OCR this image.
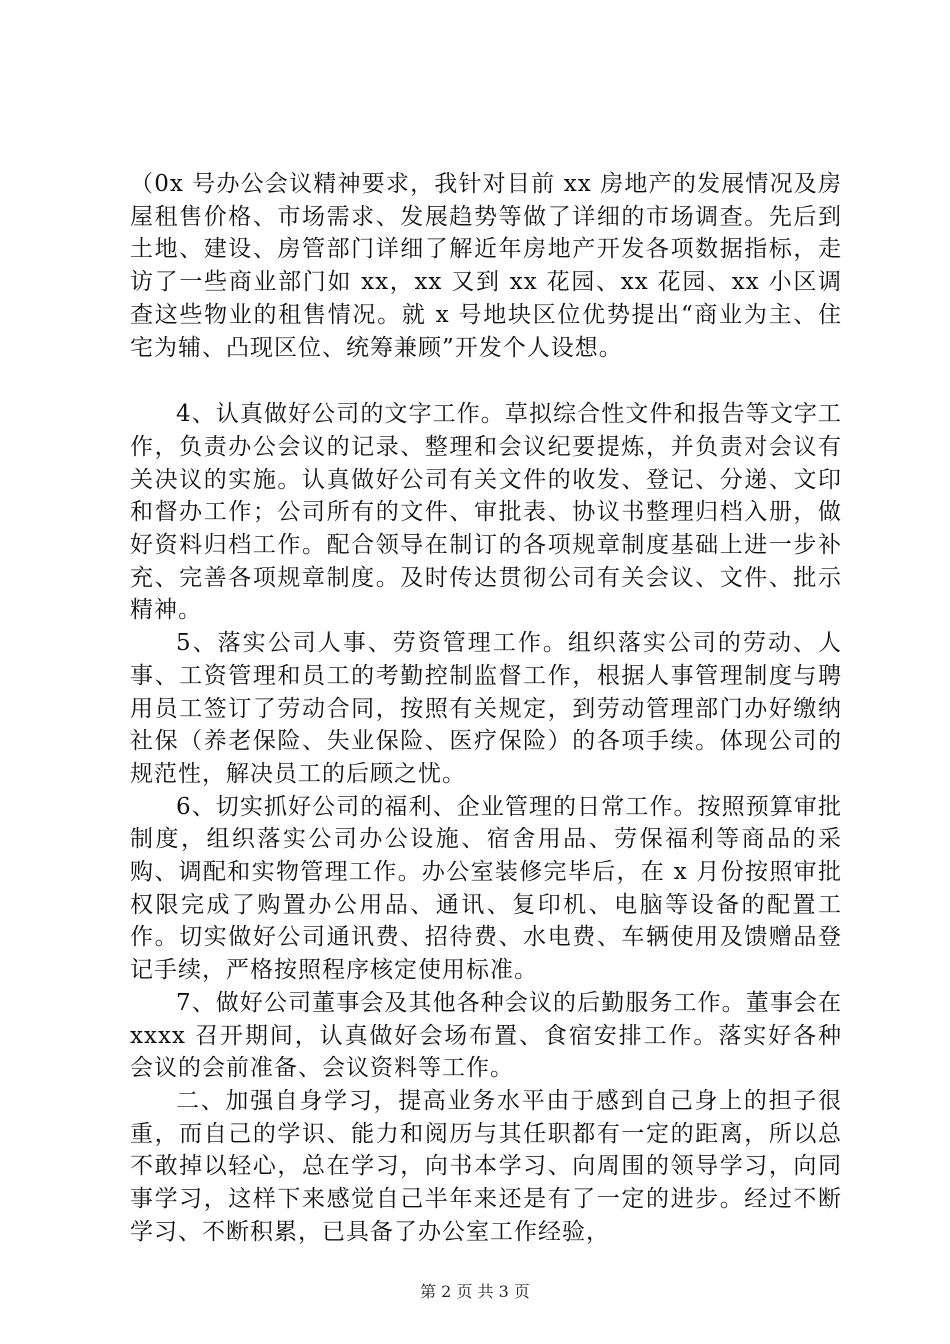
（0x 号办公会议精神要求，我针对目前 xx 房地产的发展情况及房屋租售价格、市场需求、发展趋势等做了详细的市场调查。先后到土地、建设、房管部门详细了解近年房地产开发各项数据指标，走访了一些商业部门如 xx，xx 又到 xx 花园、xx 花园、xx 小区调查这些物业的租售情况。就 x 号地块区位优势提出“商业为主、住宅为辅、凸现区位、统筹兼顾”开发个人设想。

4、认真做好公司的文字工作。草拟综合性文件和报告等文字工作，负责办公会议的记录、整理和会议纪要提炼，并负责对会议有关决议的实施。认真做好公司有关文件的收发、登记、分递、文印和督办工作；公司所有的文件、审批表、协议书整理归档入册，做好资料归档工作。配合领导在制订的各项规章制度基础上进一步补充、完善各项规章制度。及时传达贯彻公司有关会议、文件、批示精神。

5、落实公司人事、劳资管理工作。组织落实公司的劳动、人事、工资管理和员工的考勤控制监督工作，根据人事管理制度与聘用员工签订了劳动合同，按照有关规定，到劳动管理部门办好缴纳社保（养老保险、失业保险、医疗保险）的各项手续。体现公司的规范性，解决员工的后顾之忧。

6、切实抓好公司的福利、企业管理的日常工作。按照预算审批制度，组织落实公司办公设施、宿舍用品、劳保福利等商品的采购、调配和实物管理工作。办公室装修完毕后，在 x 月份按照审批权限完成了购置办公用品、通讯、复印机、电脑等设备的配置工作。切实做好公司通讯费、招待费、水电费、车辆使用及馈赠品登记手续，严格按照程序核定使用标准。

7、做好公司董事会及其他各种会议的后勤服务工作。董事会在 xxxx 召开期间，认真做好会场布置、食宿安排工作。落实好各种会议的会前准备、会议资料等工作。

二、加强自身学习，提高业务水平由于感到自己身上的担子很重，而自己的学识、能力和阅历与其任职都有一定的距离，所以总不敢掉以轻心，总在学习，向书本学习、向周围的领导学习，向同事学习，这样下来感觉自己半年来还是有了一定的进步。经过不断学习、不断积累，已具备了办公室工作经验，

第 2 页 共 3 页
